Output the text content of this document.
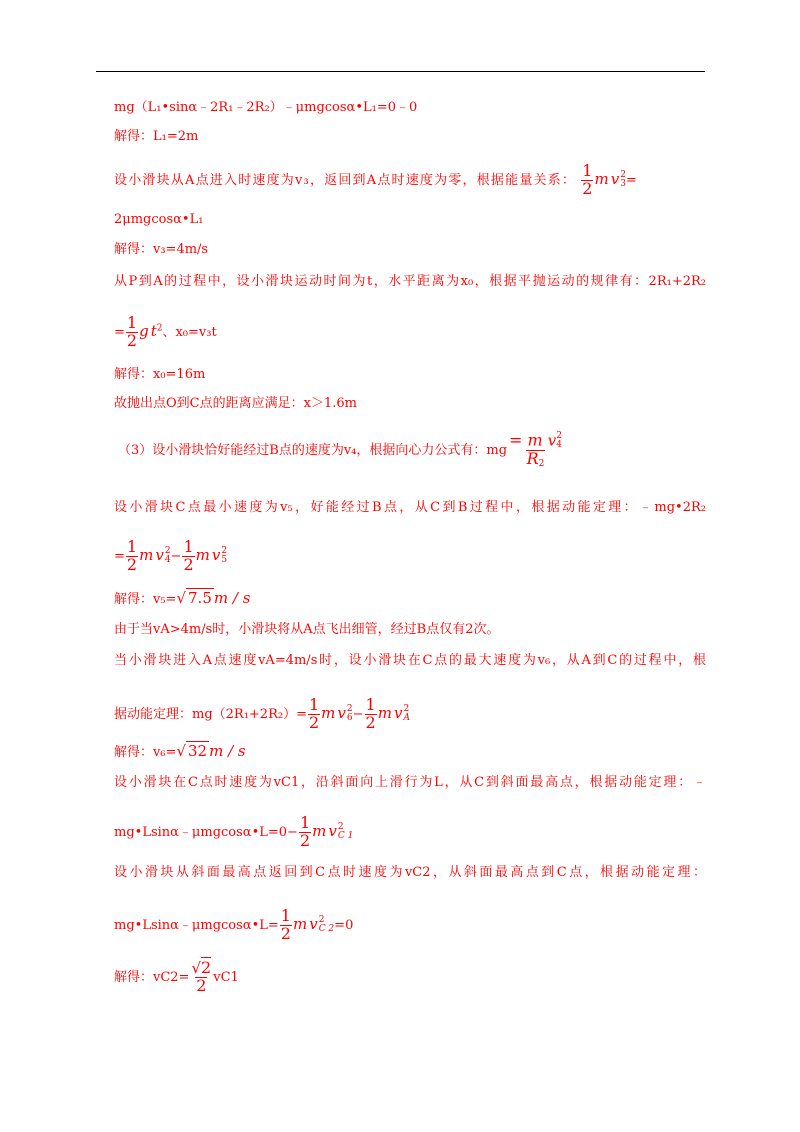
mg（L₁•sinα﹣2R₁﹣2R₂）﹣μmgcosα•L₁=0﹣0
解得：L₁=2m
设小滑块从A点进入时速度为v₃，返回到A点时速度为零，根据能量关系： $\frac{1}{2}$ m v 2
3 =
2μmgcosα•L₁
解得：v₃=4m/s
从P到A的过程中，设小滑块运动时间为t，水平距离为x₀，根据平抛运动的规律有：2R₁+2R₂
= $\frac{1}{2}$ g $t^2$、x₀=v₃t
解得：x₀=16m
故抛出点O到C点的距离应满足：x＞1.6m
（3）设小滑块恰好能经过B点的速度为v₄，根据向心力公式有：mg = m v 2
4
$R_2$
设小滑块C点最小速度为v₅，好能经过B点，从C到B过程中，根据动能定理：﹣mg•2R₂
= $\frac{1}{2}$ m v 2
$4 - \frac{1}{2}$ m v 2
5
解得：v₅=√ 7.5 m / s
由于当vA>4m/s时，小滑块将从A点飞出细管，经过B点仅有2次。
当小滑块进入A点速度vA=4m/s时，设小滑块在C点的最大速度为v₆，从A到C的过程中，根
据动能定理：$mg(2R_1+2R_2)= \frac{1}{2}$ m v 2
$6 - \frac{1}{2}$ m v 2
A
解得：v₆=√ 32 m / s
设小滑块在C点时速度为vC1，沿斜面向上滑行为L，从C到斜面最高点，根据动能定理：﹣
mg•Lsinα﹣μmgcosα•L=0− $\frac{1}{2}$ m v 2
C 1
设小滑块从斜面最高点返回到C点时速度为vC2，从斜面最高点到C点，根据动能定理：
mg•Lsinα﹣μmgcosα•L= $\frac{1}{2}$ m v 2
C 2 =0
解得：$vC2= \frac{√2}{2} vC1$
